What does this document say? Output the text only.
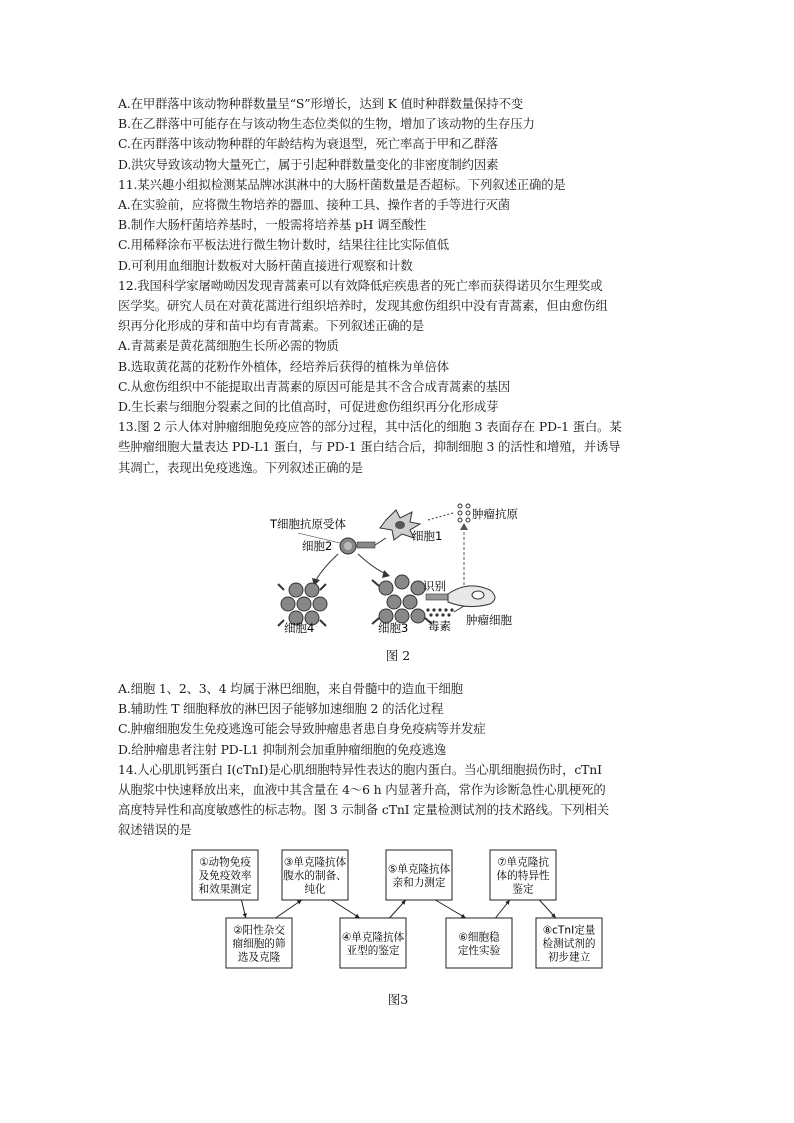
A.在甲群落中该动物种群数量呈“S”形增长，达到 K 值时种群数量保持不变
B.在乙群落中可能存在与该动物生态位类似的生物，增加了该动物的生存压力
C.在丙群落中该动物种群的年龄结构为衰退型，死亡率高于甲和乙群落
D.洪灾导致该动物大量死亡，属于引起种群数量变化的非密度制约因素
11.某兴趣小组拟检测某品牌冰淇淋中的大肠杆菌数量是否超标。下列叙述正确的是
A.在实验前，应将微生物培养的器皿、接种工具、操作者的手等进行灭菌
B.制作大肠杆菌培养基时，一般需将培养基 pH 调至酸性
C.用稀释涂布平板法进行微生物计数时，结果往往比实际值低
D.可利用血细胞计数板对大肠杆菌直接进行观察和计数
12.我国科学家屠呦呦因发现青蒿素可以有效降低疟疾患者的死亡率而获得诺贝尔生理奖或
医学奖。研究人员在对黄花蒿进行组织培养时，发现其愈伤组织中没有青蒿素，但由愈伤组
织再分化形成的芽和苗中均有青蒿素。下列叙述正确的是
A.青蒿素是黄花蒿细胞生长所必需的物质
B.选取黄花蒿的花粉作外植体，经培养后获得的植株为单倍体
C.从愈伤组织中不能提取出青蒿素的原因可能是其不含合成青蒿素的基因
D.生长素与细胞分裂素之间的比值高时，可促进愈伤组织再分化形成芽
13.图 2 示人体对肿瘤细胞免疫应答的部分过程，其中活化的细胞 3 表面存在 PD-1 蛋白。某
些肿瘤细胞大量表达 PD-L1 蛋白，与 PD-1 蛋白结合后，抑制细胞 3 的活性和增殖，并诱导
其凋亡，表现出免疫逃逸。下列叙述正确的是
T细胞抗原受体
细胞1
肿瘤抗原
细胞2
识别
肿瘤细胞
细胞4	细胞3 毒素
图 2
A.细胞 1、2、3、4 均属于淋巴细胞，来自骨髓中的造血干细胞
B.辅助性 T 细胞释放的淋巴因子能够加速细胞 2 的活化过程
C.肿瘤细胞发生免疫逃逸可能会导致肿瘤患者患自身免疫病等并发症
D.给肿瘤患者注射 PD-L1 抑制剂会加重肿瘤细胞的免疫逃逸
14.人心肌肌钙蛋白 I(cTnI)是心肌细胞特异性表达的胞内蛋白。当心肌细胞损伤时，cTnI
从胞浆中快速释放出来，血液中其含量在 4～6 h 内显著升高，常作为诊断急性心肌梗死的
高度特异性和高度敏感性的标志物。图 3 示制备 cTnI 定量检测试剂的技术路线。下列相关
叙述错误的是
①动物免疫
及免疫效率
和效果测定
②阳性杂交
瘤细胞的筛
选及克隆
③单克隆抗体
腹水的制备、
纯化
④单克隆抗体
亚型的鉴定
⑤单克隆抗体
亲和力测定
⑥细胞稳
定性实验
⑦单克隆抗
体的特异性
鉴定
⑧cTnI定量
检测试剂的
初步建立
图3
